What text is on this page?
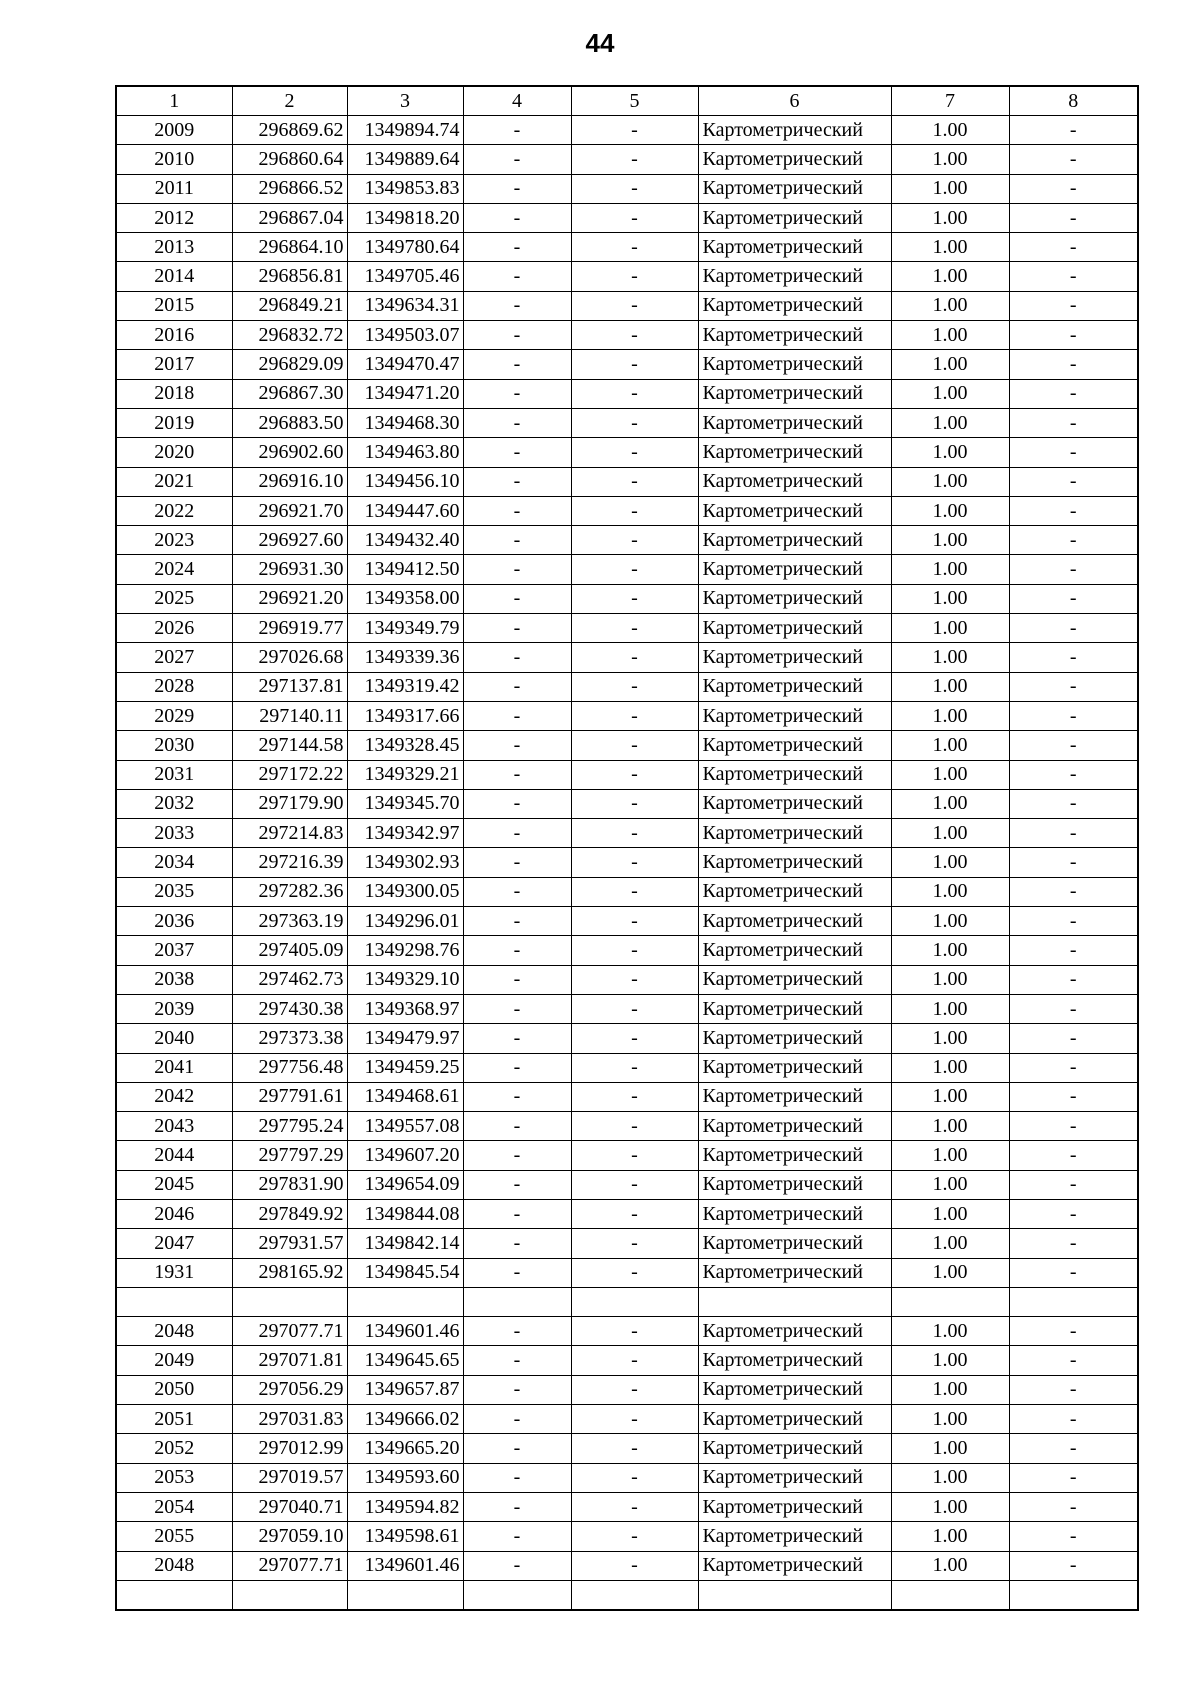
44
1	2	3	4	5	6	7	8
2009	296869.62	1349894.74	-	-	Картометрический	1.00	-
2010	296860.64	1349889.64	-	-	Картометрический	1.00	-
2011	296866.52	1349853.83	-	-	Картометрический	1.00	-
2012	296867.04	1349818.20	-	-	Картометрический	1.00	-
2013	296864.10	1349780.64	-	-	Картометрический	1.00	-
2014	296856.81	1349705.46	-	-	Картометрический	1.00	-
2015	296849.21	1349634.31	-	-	Картометрический	1.00	-
2016	296832.72	1349503.07	-	-	Картометрический	1.00	-
2017	296829.09	1349470.47	-	-	Картометрический	1.00	-
2018	296867.30	1349471.20	-	-	Картометрический	1.00	-
2019	296883.50	1349468.30	-	-	Картометрический	1.00	-
2020	296902.60	1349463.80	-	-	Картометрический	1.00	-
2021	296916.10	1349456.10	-	-	Картометрический	1.00	-
2022	296921.70	1349447.60	-	-	Картометрический	1.00	-
2023	296927.60	1349432.40	-	-	Картометрический	1.00	-
2024	296931.30	1349412.50	-	-	Картометрический	1.00	-
2025	296921.20	1349358.00	-	-	Картометрический	1.00	-
2026	296919.77	1349349.79	-	-	Картометрический	1.00	-
2027	297026.68	1349339.36	-	-	Картометрический	1.00	-
2028	297137.81	1349319.42	-	-	Картометрический	1.00	-
2029	297140.11	1349317.66	-	-	Картометрический	1.00	-
2030	297144.58	1349328.45	-	-	Картометрический	1.00	-
2031	297172.22	1349329.21	-	-	Картометрический	1.00	-
2032	297179.90	1349345.70	-	-	Картометрический	1.00	-
2033	297214.83	1349342.97	-	-	Картометрический	1.00	-
2034	297216.39	1349302.93	-	-	Картометрический	1.00	-
2035	297282.36	1349300.05	-	-	Картометрический	1.00	-
2036	297363.19	1349296.01	-	-	Картометрический	1.00	-
2037	297405.09	1349298.76	-	-	Картометрический	1.00	-
2038	297462.73	1349329.10	-	-	Картометрический	1.00	-
2039	297430.38	1349368.97	-	-	Картометрический	1.00	-
2040	297373.38	1349479.97	-	-	Картометрический	1.00	-
2041	297756.48	1349459.25	-	-	Картометрический	1.00	-
2042	297791.61	1349468.61	-	-	Картометрический	1.00	-
2043	297795.24	1349557.08	-	-	Картометрический	1.00	-
2044	297797.29	1349607.20	-	-	Картометрический	1.00	-
2045	297831.90	1349654.09	-	-	Картометрический	1.00	-
2046	297849.92	1349844.08	-	-	Картометрический	1.00	-
2047	297931.57	1349842.14	-	-	Картометрический	1.00	-
1931	298165.92	1349845.54	-	-	Картометрический	1.00	-

2048	297077.71	1349601.46	-	-	Картометрический	1.00	-
2049	297071.81	1349645.65	-	-	Картометрический	1.00	-
2050	297056.29	1349657.87	-	-	Картометрический	1.00	-
2051	297031.83	1349666.02	-	-	Картометрический	1.00	-
2052	297012.99	1349665.20	-	-	Картометрический	1.00	-
2053	297019.57	1349593.60	-	-	Картометрический	1.00	-
2054	297040.71	1349594.82	-	-	Картометрический	1.00	-
2055	297059.10	1349598.61	-	-	Картометрический	1.00	-
2048	297077.71	1349601.46	-	-	Картометрический	1.00	-
